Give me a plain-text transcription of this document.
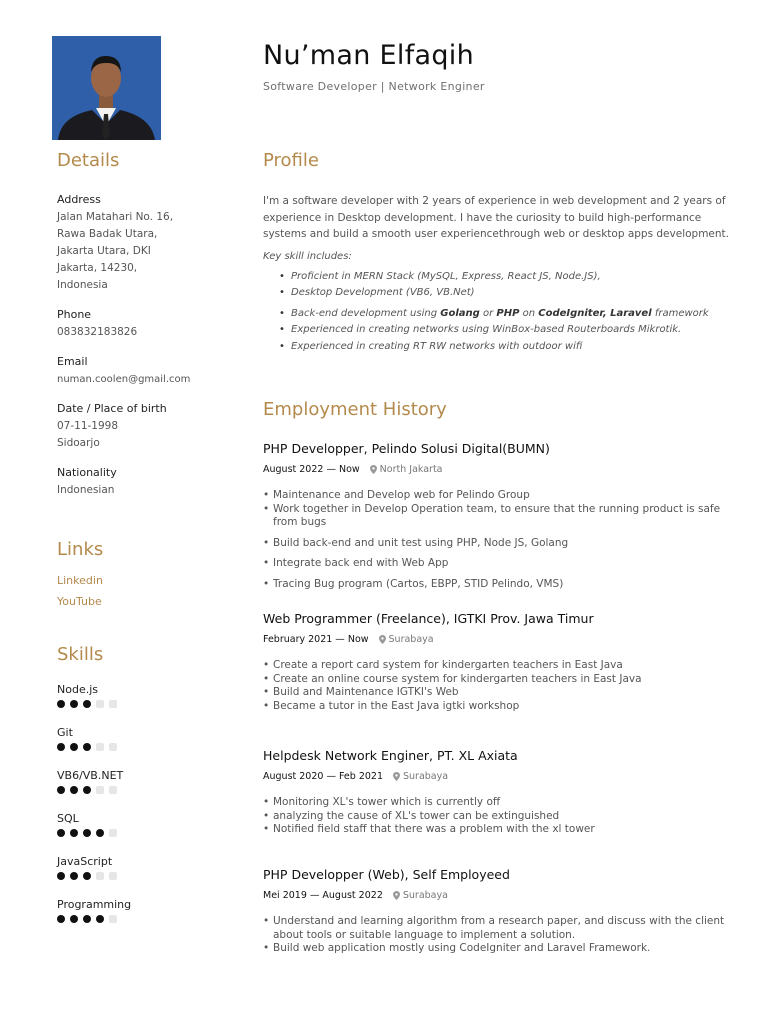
Nu’man Elfaqih
Software Developer | Network Enginer
Details
Address
Jalan Matahari No. 16,
Rawa Badak Utara,
Jakarta Utara, DKI
Jakarta, 14230,
Indonesia
Phone
083832183826
Email
numan.coolen@gmail.com
Date / Place of birth
07-11-1998
Sidoarjo
Nationality
Indonesian
Links
Linkedin
YouTube
Skills
Node.js
Git
VB6/VB.NET
SQL
JavaScript
Programming
Profile
I'm a software developer with 2 years of experience in web development and 2 years of experience in Desktop development. I have the curiosity to build high-performance systems and build a smooth user experiencethrough web or desktop apps development.
Key skill includes:
• Proficient in MERN Stack (MySQL, Express, React JS, Node.JS),
• Desktop Development (VB6, VB.Net)
• Back-end development using Golang or PHP on CodeIgniter, Laravel framework
• Experienced in creating networks using WinBox-based Routerboards Mikrotik.
• Experienced in creating RT RW networks with outdoor wifi
Employment History
PHP Developper, Pelindo Solusi Digital(BUMN)
August 2022 — Now North Jakarta
• Maintenance and Develop web for Pelindo Group
• Work together in Develop Operation team, to ensure that the running product is safe from bugs
• Build back-end and unit test using PHP, Node JS, Golang
• Integrate back end with Web App
• Tracing Bug program (Cartos, EBPP, STID Pelindo, VMS)
Web Programmer (Freelance), IGTKI Prov. Jawa Timur
February 2021 — Now Surabaya
• Create a report card system for kindergarten teachers in East Java
• Create an online course system for kindergarten teachers in East Java
• Build and Maintenance IGTKI's Web
• Became a tutor in the East Java igtki workshop
Helpdesk Network Enginer, PT. XL Axiata
August 2020 — Feb 2021 Surabaya
• Monitoring XL's tower which is currently off
• analyzing the cause of XL's tower can be extinguished
• Notified field staff that there was a problem with the xl tower
PHP Developper (Web), Self Employeed
Mei 2019 — August 2022 Surabaya
• Understand and learning algorithm from a research paper, and discuss with the client about tools or suitable language to implement a solution.
• Build web application mostly using CodeIgniter and Laravel Framework.
